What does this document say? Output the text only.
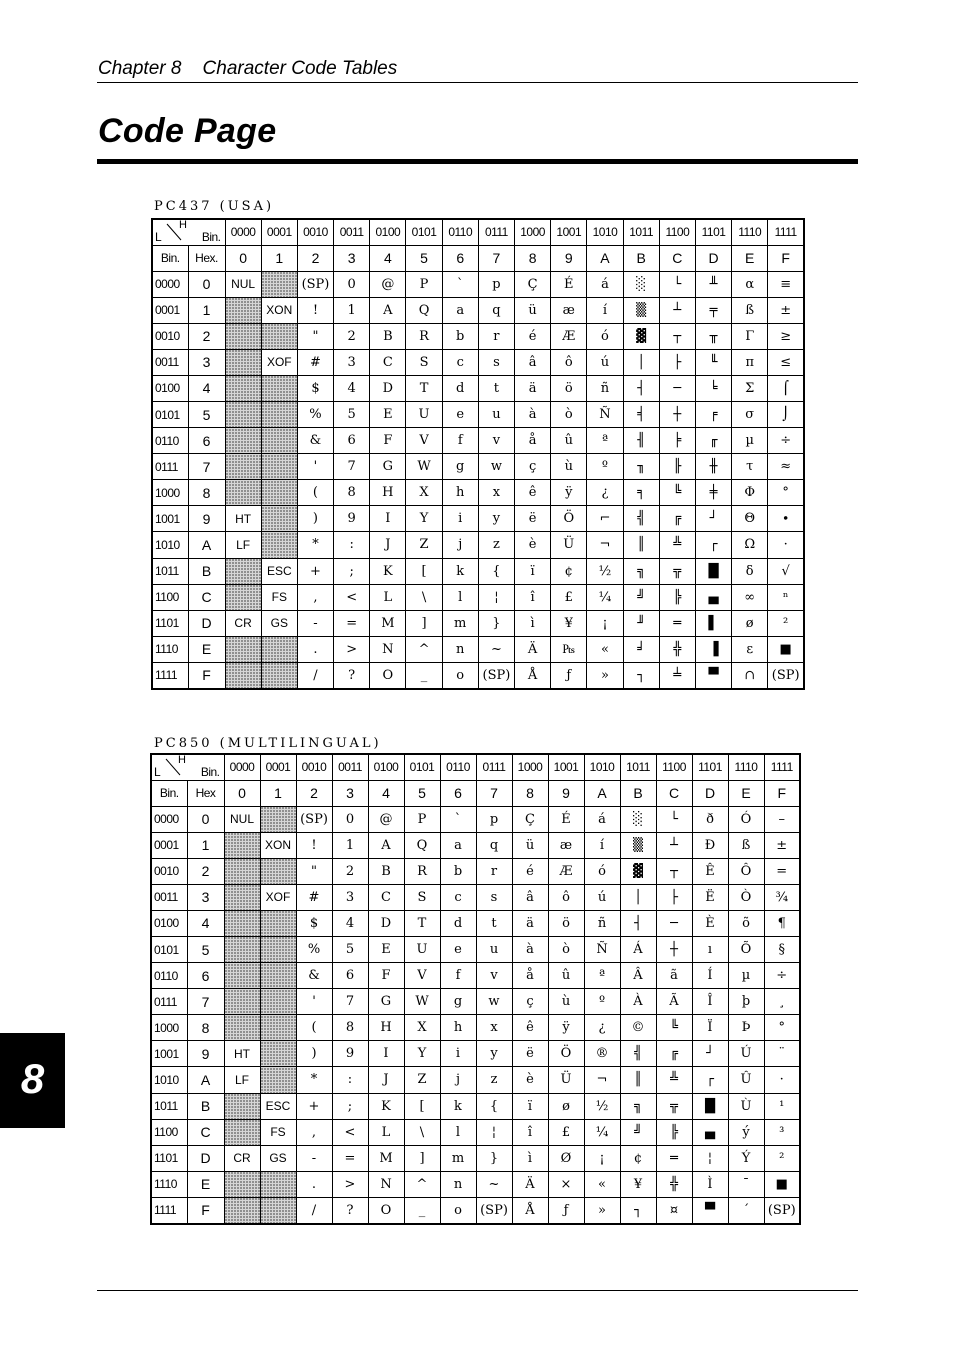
Chapter 8    Character Code Tables
Code Page
PC437 (USA)
H
L Bin.		0000	0001	0010	0011	0100	0101	0110	0111	1000	1001	1010	1011	1100	1101	1110	1111
Bin.	Hex.	0	1	2	3	4	5	6	7	8	9	A	B	C	D	E	F
0000	0	NUL		(SP)	0	@	P	`	p	Ç	É	á	░	└	╨	α	≡
0001	1		XON	!	1	A	Q	a	q	ü	æ	í	▒	┴	╤	ß	±
0010	2			"	2	B	R	b	r	é	Æ	ó	▓	┬	╥	Γ	≥
0011	3		XOF	#	3	C	S	c	s	â	ô	ú	│	├	╙	π	≤
0100	4			$	4	D	T	d	t	ä	ö	ñ	┤	─	╘	Σ	⌠
0101	5			%	5	E	U	e	u	à	ò	Ñ	╡	┼	╒	σ	⌡
0110	6			&	6	F	V	f	v	å	û	ª	╢	╞	╓	µ	÷
0111	7			'	7	G	W	g	w	ç	ù	º	╖	╟	╫	τ	≈
1000	8			(	8	H	X	h	x	ê	ÿ	¿	╕	╚	╪	Φ	°
1001	9	HT		)	9	I	Y	i	y	ë	Ö	⌐	╣	╔	┘	Θ	∙
1010	A	LF		*	:	J	Z	j	z	è	Ü	¬	║	╩	┌	Ω	·
1011	B		ESC	+	;	K	[	k	{	ï	¢	½	╗	╦	█	δ	√
1100	C		FS	,	<	L	\	l	¦	î	£	¼	╝	╠	▄	∞	ⁿ
1101	D	CR	GS	-	=	M	]	m	}	ì	¥	¡	╜	═	▌	ø	²
1110	E			.	>	N	^	n	~	Ä	₧	«	╛	╬	▐	ε	■
1111	F			/	?	O	_	o	(SP)	Å	ƒ	»	┐	╧	▀	∩	(SP)
PC850 (MULTILINGUAL)
H
L Bin.		0000	0001	0010	0011	0100	0101	0110	0111	1000	1001	1010	1011	1100	1101	1110	1111
Bin.	Hex	0	1	2	3	4	5	6	7	8	9	A	B	C	D	E	F
0000	0	NUL		(SP)	0	@	P	`	p	Ç	É	á	░	└	ð	Ó	–
0001	1		XON	!	1	A	Q	a	q	ü	æ	í	▒	┴	Ð	ß	±
0010	2			"	2	B	R	b	r	é	Æ	ó	▓	┬	Ê	Ô	=
0011	3		XOF	#	3	C	S	c	s	â	ô	ú	│	├	Ë	Ò	¾
0100	4			$	4	D	T	d	t	ä	ö	ñ	┤	─	È	õ	¶
0101	5			%	5	E	U	e	u	à	ò	Ñ	Á	┼	ı	Õ	§
0110	6			&	6	F	V	f	v	å	û	ª	Â	ã	Í	µ	÷
0111	7			'	7	G	W	g	w	ç	ù	º	À	Ã	Î	þ	¸
1000	8			(	8	H	X	h	x	ê	ÿ	¿	©	╚	Ï	Þ	°
1001	9	HT		)	9	I	Y	i	y	ë	Ö	®	╣	╔	┘	Ú	¨
1010	A	LF		*	:	J	Z	j	z	è	Ü	¬	║	╩	┌	Û	·
1011	B		ESC	+	;	K	[	k	{	ï	ø	½	╗	╦	█	Ù	¹
1100	C		FS	,	<	L	\	l	¦	î	£	¼	╝	╠	▄	ý	³
1101	D	CR	GS	-	=	M	]	m	}	ì	Ø	¡	¢	═	¦	Ý	²
1110	E			.	>	N	^	n	~	Ä	×	«	¥	╬	Ì	¯	■
1111	F			/	?	O	_	o	(SP)	Å	ƒ	»	┐	¤	▀	´	(SP)
8
